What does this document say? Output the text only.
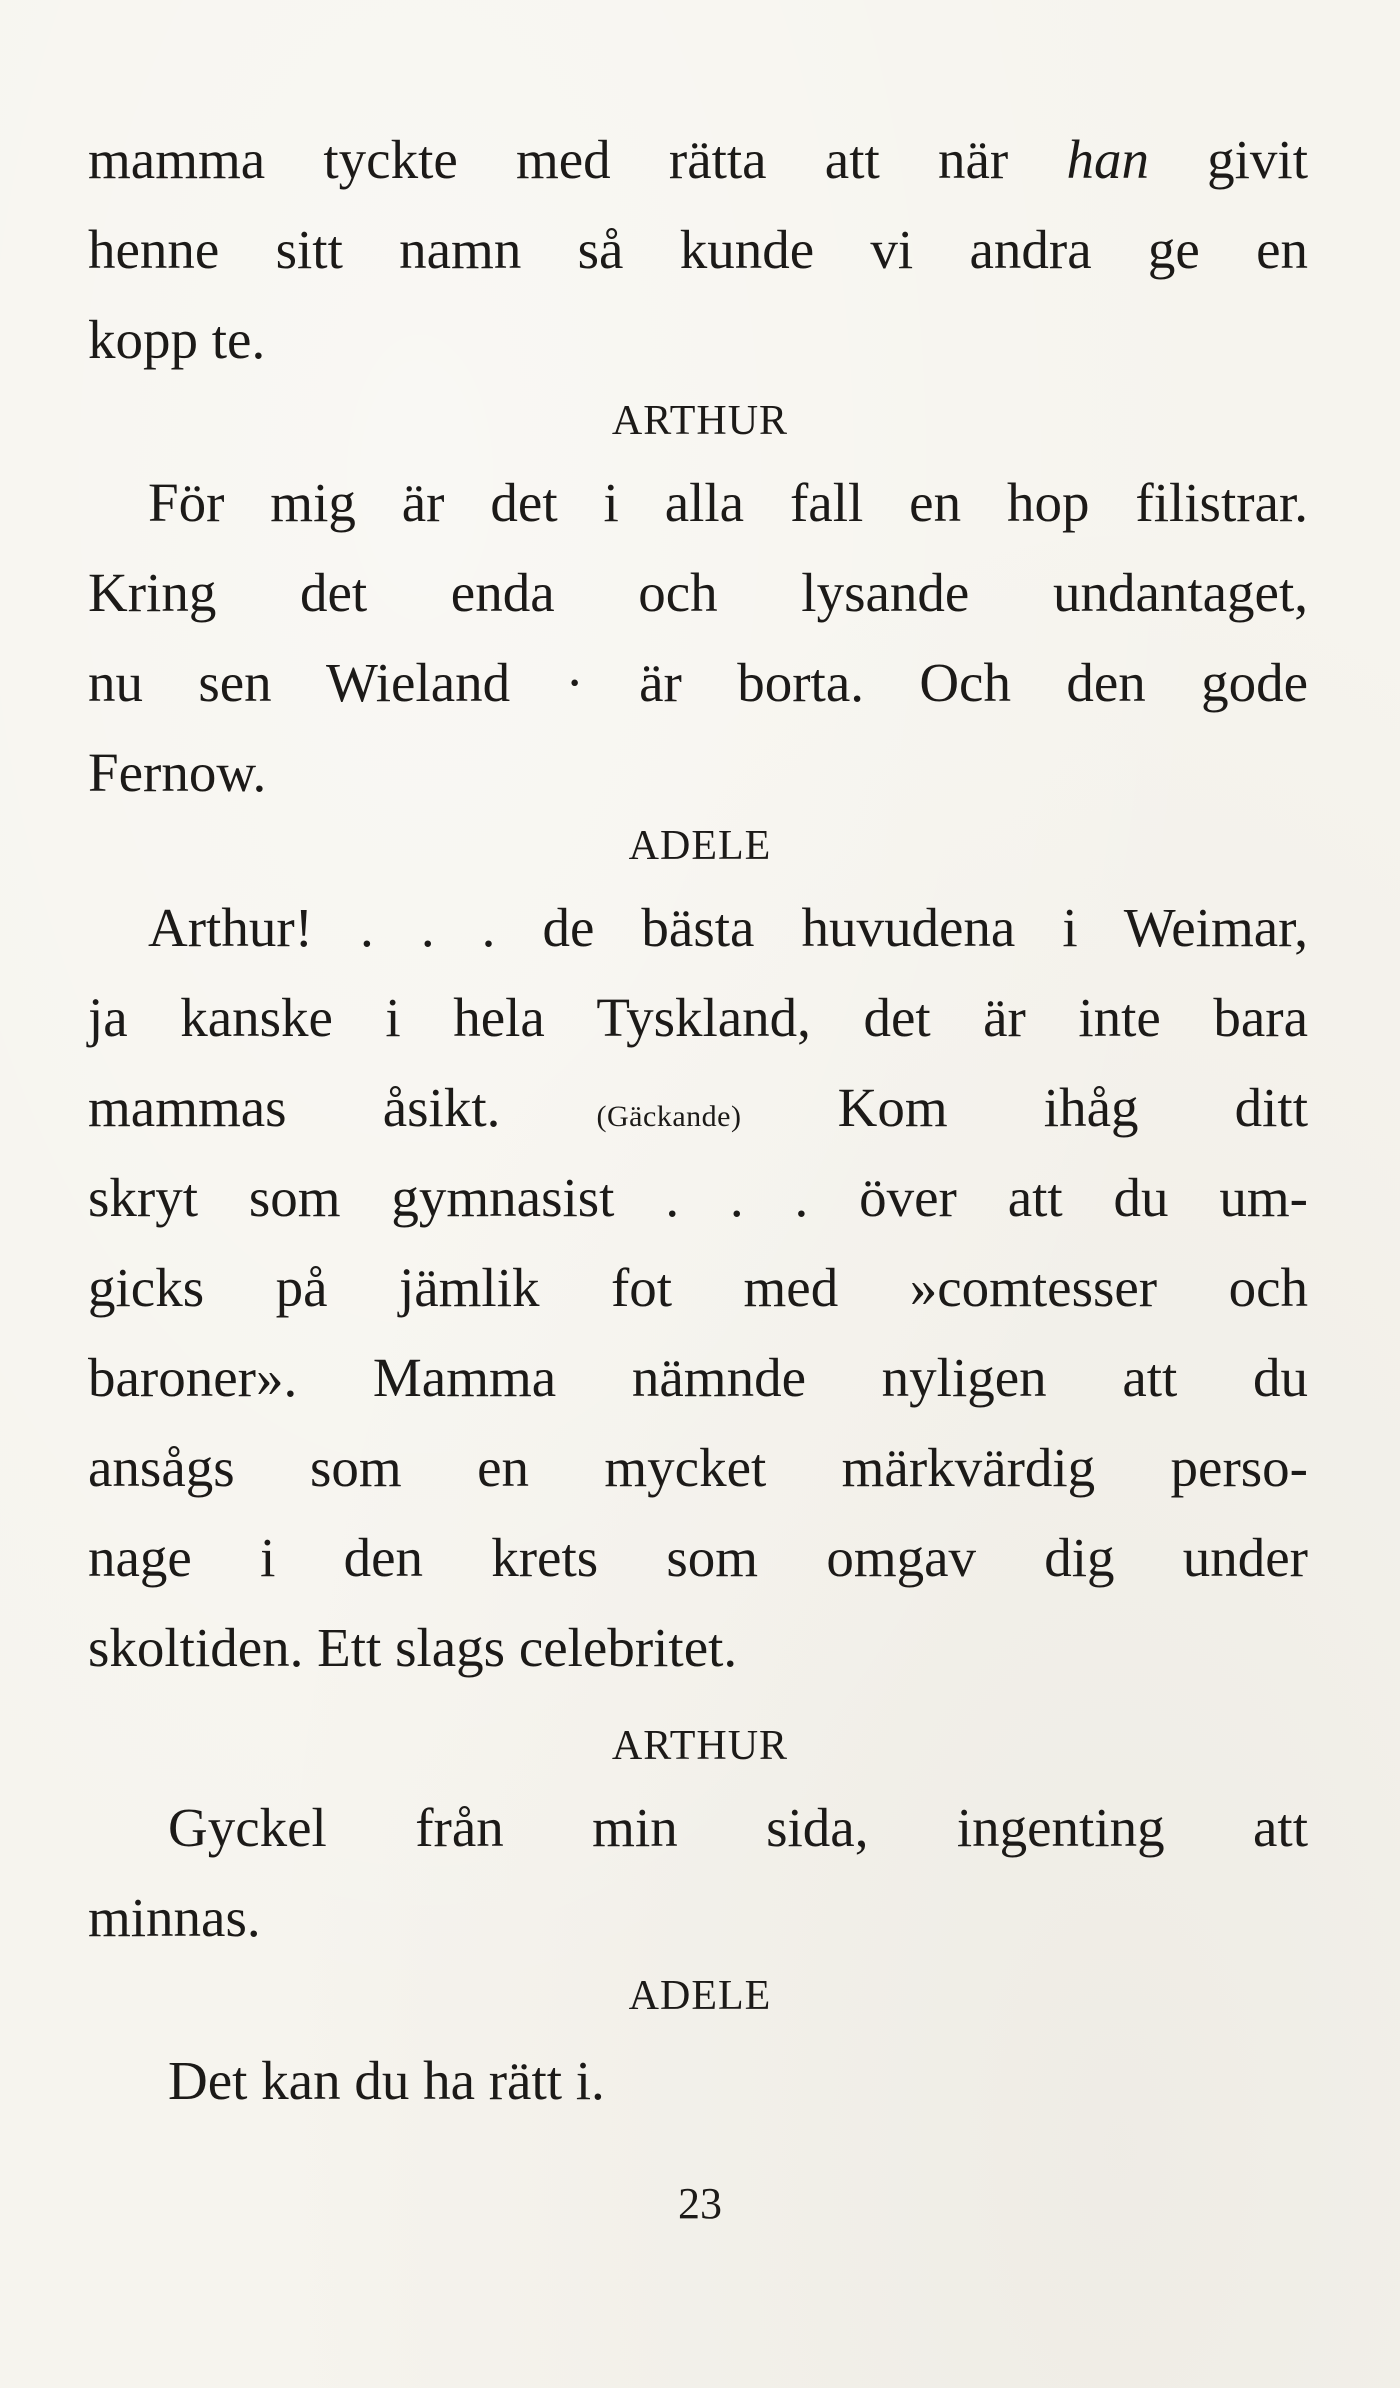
mamma tyckte med rätta att när han givit
henne sitt namn så kunde vi andra ge en
kopp te.
För mig är det i alla fall en hop filistrar.
Kring det enda och lysande undantaget,
nu sen Wieland · är borta. Och den gode
Fernow.
Arthur! . . . de bästa huvudena i Weimar,
ja kanske i hela Tyskland, det är inte bara
mammas åsikt. (Gäckande) Kom ihåg ditt
skryt som gymnasist . . . över att du um-
gicks på jämlik fot med »comtesser och
baroner». Mamma nämnde nyligen att du
ansågs som en mycket märkvärdig perso-
nage i den krets som omgav dig under
skoltiden. Ett slags celebritet.
Gyckel från min sida, ingenting att
minnas.
Det kan du ha rätt i.
ARTHUR
ADELE
ARTHUR
ADELE
23
